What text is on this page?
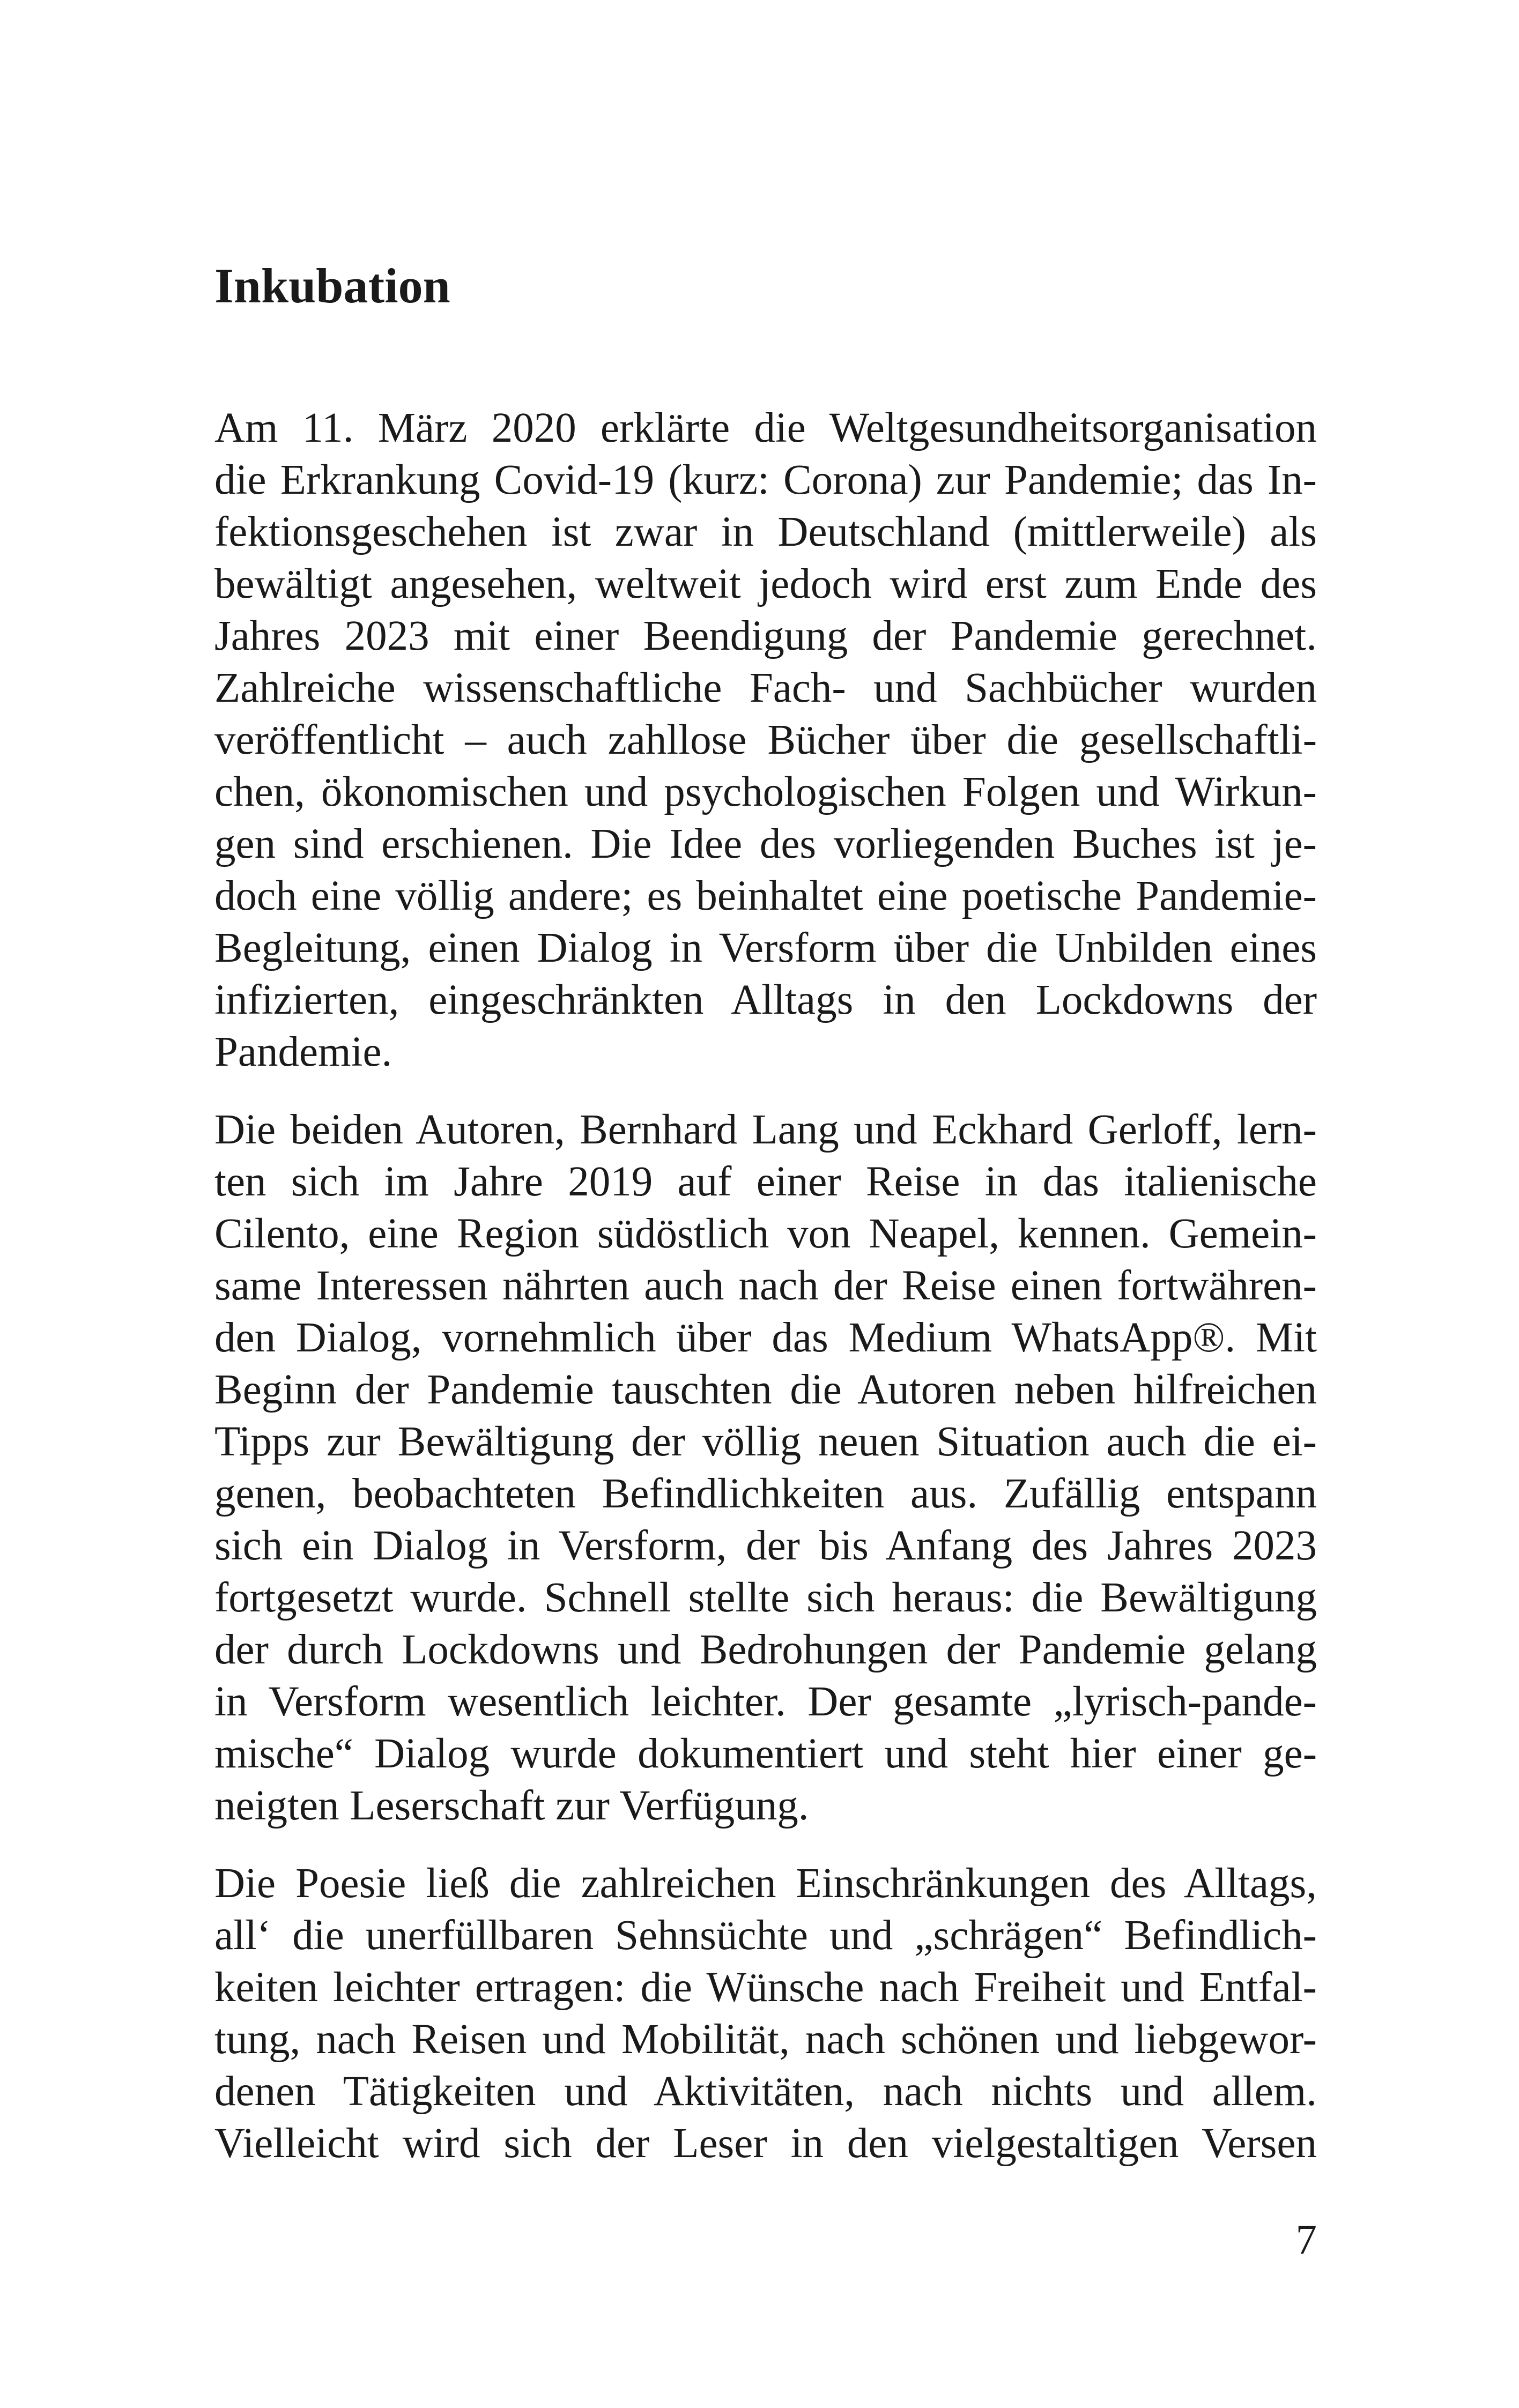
Inkubation
Am 11. März 2020 erklärte die Weltgesundheitsorganisation
die Erkrankung Covid-19 (kurz: Corona) zur Pandemie; das In-
fektionsgeschehen ist zwar in Deutschland (mittlerweile) als
bewältigt angesehen, weltweit jedoch wird erst zum Ende des
Jahres 2023 mit einer Beendigung der Pandemie gerechnet.
Zahlreiche wissenschaftliche Fach- und Sachbücher wurden
veröffentlicht – auch zahllose Bücher über die gesellschaftli-
chen, ökonomischen und psychologischen Folgen und Wirkun-
gen sind erschienen. Die Idee des vorliegenden Buches ist je-
doch eine völlig andere; es beinhaltet eine poetische Pandemie-
Begleitung, einen Dialog in Versform über die Unbilden eines
infizierten, eingeschränkten Alltags in den Lockdowns der
Pandemie.
Die beiden Autoren, Bernhard Lang und Eckhard Gerloff, lern-
ten sich im Jahre 2019 auf einer Reise in das italienische
Cilento, eine Region südöstlich von Neapel, kennen. Gemein-
same Interessen nährten auch nach der Reise einen fortwähren-
den Dialog, vornehmlich über das Medium WhatsApp®. Mit
Beginn der Pandemie tauschten die Autoren neben hilfreichen
Tipps zur Bewältigung der völlig neuen Situation auch die ei-
genen, beobachteten Befindlichkeiten aus. Zufällig entspann
sich ein Dialog in Versform, der bis Anfang des Jahres 2023
fortgesetzt wurde. Schnell stellte sich heraus: die Bewältigung
der durch Lockdowns und Bedrohungen der Pandemie gelang
in Versform wesentlich leichter. Der gesamte „lyrisch-pande-
mische“ Dialog wurde dokumentiert und steht hier einer ge-
neigten Leserschaft zur Verfügung.
Die Poesie ließ die zahlreichen Einschränkungen des Alltags,
all‘ die unerfüllbaren Sehnsüchte und „schrägen“ Befindlich-
keiten leichter ertragen: die Wünsche nach Freiheit und Entfal-
tung, nach Reisen und Mobilität, nach schönen und liebgewor-
denen Tätigkeiten und Aktivitäten, nach nichts und allem.
Vielleicht wird sich der Leser in den vielgestaltigen Versen
7
